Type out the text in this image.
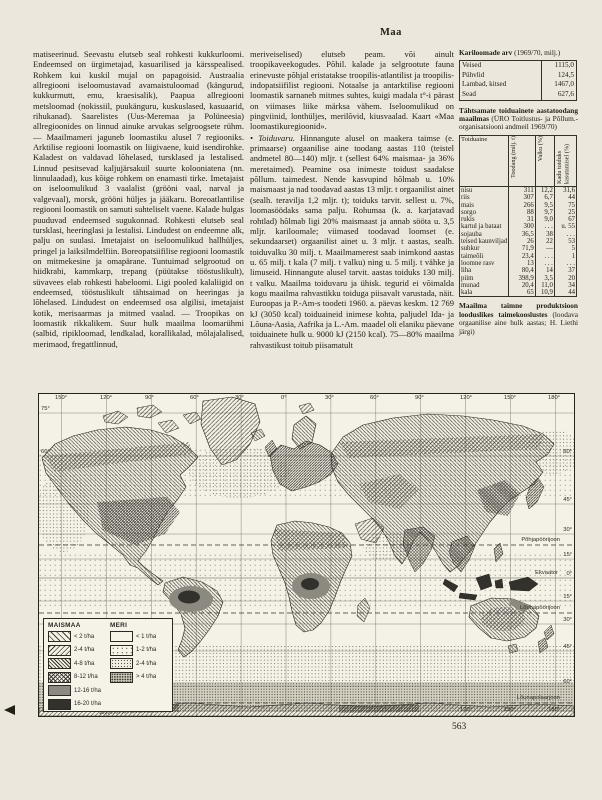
Maa

matiseerinud. Seevastu elutseb seal rohkesti kukkurloomi. Endeemsed on ürgimetajad, kasuarilised ja kärsspealised. Rohkem kui kuskil mujal on papagoisid. Austraalia allregiooni iseloomustavad avamaistuloomad (kängurud, kukkurmutt, emu, kraesisalik), Paapua allregiooni metsloomad (nokissiil, puukänguru, kuskuslased, kasuaarid, rihukanad). Saarelistes (Uus-Meremaa ja Polüneesia) allregioonides on linnud ainuke arvukas selgroogsete rühm. — Maailmameri jaguneb loomastiku alusel 7 regiooniks. Arktilise regiooni loomastik on liigivaene, kuid isendirohke. Kaladest on valdavad lõhelased, tursklased ja lestalised. Linnud pesitsevad kaljujärsakuil suurte kolooniatena (nn. linnulaadad), kus kõige rohkem on enamasti tirke. Imetajaist on iseloomulikud 3 vaalalist (grööni vaal, narval ja valgevaal), morsk, grööni hüljes ja jääkaru. Boreoatlantilise regiooni loomastik on samuti suhteliselt vaene. Kalade hulgas puuduvad endeemsed sugukonnad. Rohkesti elutseb seal tursklasi, heeringlasi ja lestalisi. Lindudest on endeemne alk, palju on suulasi. Imetajaist on iseloomulikud hallhüljes, pringel ja laiksilmdelfiin. Boreopatsiifilise regiooni loomastik on mitmekesine ja omapärane. Tuntuimad selgrootud on hiidkrabi, kammkarp, trepang (püütakse tööstuslikult), süvavees elab rohkesti habeloomi. Ligi pooled kalaliigid on endeemsed, tööstuslikult tähtsaimad on heeringas ja lõhelased. Lindudest on endeemsed osa algilisi, imetajaist kotik, merisaarmas ja mitmed vaalad. — Troopikas on loomastik rikkalikem. Suur hulk maailma loomarühmi (salbid, ripikloomad, lendkalad, korallikalad, mõlajalalised, merimaod, fregattlinnud,

meriveiselised) elutseb peam. või ainult troopikaveekogudes. Põhil. kalade ja selgrootute fauna erinevuste põhjal eristatakse troopilis-atlantilist ja troopilis-indopatsiifilist regiooni. Notaalse ja antarktilise regiooni loomastik sarnaneb mitmes suhtes, kuigi madala t°-i pärast on viimases liike märksa vähem. Iseloomulikud on pingviinid, lonthüljes, merilõvid, kiusvaalad. Kaart «Maa loomastikuregioonid».

• Toiduvaru. Hinnangute alusel on maakera taimse (e. primaarse) orgaanilise aine toodang aastas 110 (teistel andmetel 80—140) mljr. t (sellest 64% maismaa- ja 36% meretaimed). Peamine osa inimeste toidust saadakse põllum. taimedest. Nende kasvupind hõlmab u. 10% maismaast ja nad toodavad aastas 13 mljr. t orgaanilist ainet (sealh. teravilja 1,2 mljr. t); toiduks tarvit. sellest u. 7%, loomasöödaks sama palju. Rohumaa (k. a. karjatavad rohtlad) hõlmab ligi 20% maismaast ja annab sööta u. 3,5 mljr. kariloomale; viimased toodavad loomset (e. sekundaarset) orgaanilist ainet u. 3 mljr. t aastas, sealh. toiduvalku 30 milj. t. Maailmamerest saab inimkond aastas u. 65 milj. t kala (7 milj. t valku) ning u. 5 milj. t vähke ja limuseid. Hinnangute alusel tarvit. aastas toiduks 130 milj. t valku. Maailma toiduvaru ja ühisk. tegurid ei võimalda kogu maailma rahvastikku toiduga piisavalt varustada, näit. Euroopas ja P.-Am-s toodeti 1960. a. päevas keskm. 12 769 kJ (3050 kcal) toiduaineid inimese kohta, paljudel Ida- ja Lõuna-Aasia, Aafrika ja L.-Am. maadel oli elaniku päevane toiduainete hulk u. 9000 kJ (2150 kcal). 75—80% maailma rahvastikust toitub piisamatult

Kariloomade arv (1969/70, milj.)
Veised	1115,0
Pühvlid	124,5
Lambad, kitsed	1467,0
Sead	627,6
Tähtsamate toiduainete aastatoodang maailmas (ÜRO Toitlustus- ja Põllum.-organisatsiooni andmeil 1969/70)
Toiduaine	Toodang (milj. t)	Valku (%)	Kadu toiduks kasutamisel (%)
nisu	311	12,2	31,6
riis	307	6,7	44
mais	266	9,5	75
sorgo	88	9,7	25
rukis	31	9,0	67
kartul ja bataat	300	. . .	u. 55
sojauba	36,5	38	. . .
teised kaunviljad	26	22	53
suhkur	71,9	—	5
taimeõli	23,4	. . .	1
loomne rasv	13	. . .	. . .
liha	80,4	14	37
piim	398,9	3,5	20
munad	20,4	11,0	34
kala	65	10,9	44
Maailma taimne produktsioon looduslikes taimekooslustes (loodava orgaanilise aine hulk aastas; H. Liethi järgi)
150°	120°	90°	60°	30°	0°	30°	60°	90°	120°	150°	180°
120°	150°	180°
60°
45°
30°
15°
0°
15°
30°
45°
60°
75°
60°
Põhjapöörijoon
Ekvaator
Lõunapöörijoon
Lõunapolaarjoon
MAISMAA
< 2 t/ha
2-4 t/ha
4-8 t/ha
8-12 t/ha
12-16 t/ha
16-20 t/ha
MERI
< 1 t/ha
1-2 t/ha
2-4 t/ha
> 4 t/ha
563
